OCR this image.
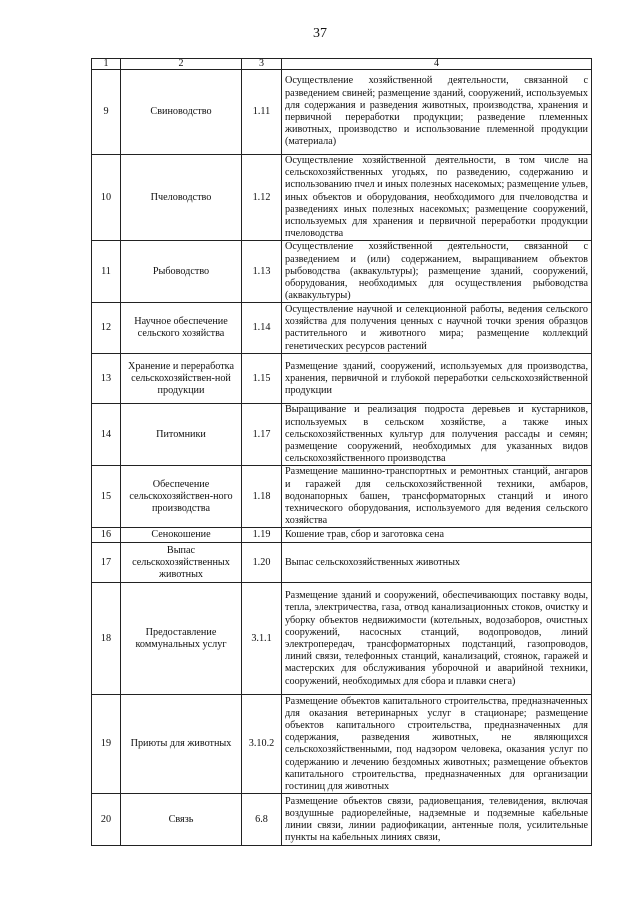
37
1	2	3	4
9	Свиноводство	1.11	Осуществление хозяйственной деятельности, связанной с разведением свиней; размещение зданий, сооружений, используемых для содержания и разведения животных, производства, хранения и первичной переработки продукции; разведение племенных животных, производство и использование племенной продукции (материала)
10	Пчеловодство	1.12	Осуществление хозяйственной деятельности, в том числе на сельскохозяйственных угодьях, по разведению, содержанию и использованию пчел и иных полезных насекомых; размещение ульев, иных объектов и оборудования, необходимого для пчеловодства и разведениях иных полезных насекомых; размещение сооружений, используемых для хранения и первичной переработки продукции пчеловодства
11	Рыбоводство	1.13	Осуществление хозяйственной деятельности, связанной с разведением и (или) содержанием, выращиванием объектов рыбоводства (аквакультуры); размещение зданий, сооружений, оборудования, необходимых для осуществления рыбоводства (аквакультуры)
12	Научное обеспечение сельского хозяйства	1.14	Осуществление научной и селекционной работы, ведения сельского хозяйства для получения ценных с научной точки зрения образцов растительного и животного мира; размещение коллекций генетических ресурсов растений
13	Хранение и переработка сельскохозяйствен-ной продукции	1.15	Размещение зданий, сооружений, используемых для производства, хранения, первичной и глубокой переработки сельскохозяйственной продукции
14	Питомники	1.17	Выращивание и реализация подроста деревьев и кустарников, используемых в сельском хозяйстве, а также иных сельскохозяйственных культур для получения рассады и семян; размещение сооружений, необходимых для указанных видов сельскохозяйственного производства
15	Обеспечение сельскохозяйствен-ного производства	1.18	Размещение машинно-транспортных и ремонтных станций, ангаров и гаражей для сельскохозяйственной техники, амбаров, водонапорных башен, трансформаторных станций и иного технического оборудования, используемого для ведения сельского хозяйства
16	Сенокошение	1.19	Кошение трав, сбор и заготовка сена
17	Выпас сельскохозяйственных животных	1.20	Выпас сельскохозяйственных животных
18	Предоставление коммунальных услуг	3.1.1	Размещение зданий и сооружений, обеспечивающих поставку воды, тепла, электричества, газа, отвод канализационных стоков, очистку и уборку объектов недвижимости (котельных, водозаборов, очистных сооружений, насосных станций, водопроводов, линий электропередач, трансформаторных подстанций, газопроводов, линий связи, телефонных станций, канализаций, стоянок, гаражей и мастерских для обслуживания уборочной и аварийной техники, сооружений, необходимых для сбора и плавки снега)
19	Приюты для животных	3.10.2	Размещение объектов капитального строительства, предназначенных для оказания ветеринарных услуг в стационаре; размещение объектов капитального строительства, предназначенных для содержания, разведения животных, не являющихся сельскохозяйственными, под надзором человека, оказания услуг по содержанию и лечению бездомных животных; размещение объектов капитального строительства, предназначенных для организации гостиниц для животных
20	Связь	6.8	Размещение объектов связи, радиовещания, телевидения, включая воздушные радиорелейные, надземные и подземные кабельные линии связи, линии радиофикации, антенные поля, усилительные пункты на кабельных линиях связи,
